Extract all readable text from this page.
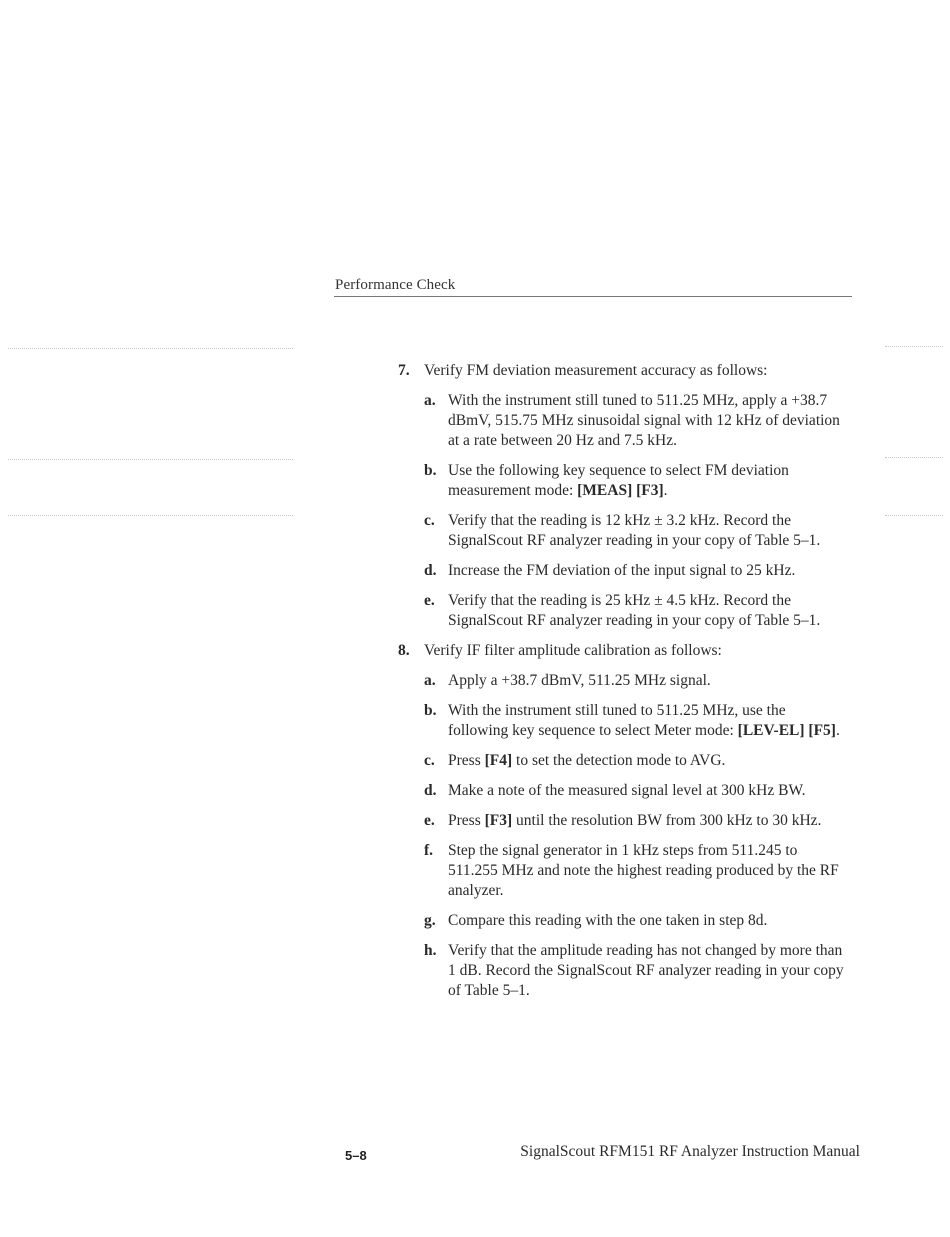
Performance Check
7. Verify FM deviation measurement accuracy as follows:
a. With the instrument still tuned to 511.25 MHz, apply a +38.7 dBmV, 515.75 MHz sinusoidal signal with 12 kHz of deviation at a rate between 20 Hz and 7.5 kHz.
b. Use the following key sequence to select FM deviation measurement mode: [MEAS] [F3].
c. Verify that the reading is 12 kHz ± 3.2 kHz. Record the SignalScout RF analyzer reading in your copy of Table 5–1.
d. Increase the FM deviation of the input signal to 25 kHz.
e. Verify that the reading is 25 kHz ± 4.5 kHz. Record the SignalScout RF analyzer reading in your copy of Table 5–1.
8. Verify IF filter amplitude calibration as follows:
a. Apply a +38.7 dBmV, 511.25 MHz signal.
b. With the instrument still tuned to 511.25 MHz, use the following key sequence to select Meter mode: [LEV-EL] [F5].
c. Press [F4] to set the detection mode to AVG.
d. Make a note of the measured signal level at 300 kHz BW.
e. Press [F3] until the resolution BW from 300 kHz to 30 kHz.
f. Step the signal generator in 1 kHz steps from 511.245 to 511.255 MHz and note the highest reading produced by the RF analyzer.
g. Compare this reading with the one taken in step 8d.
h. Verify that the amplitude reading has not changed by more than 1 dB. Record the SignalScout RF analyzer reading in your copy of Table 5–1.
5–8	SignalScout RFM151 RF Analyzer Instruction Manual
